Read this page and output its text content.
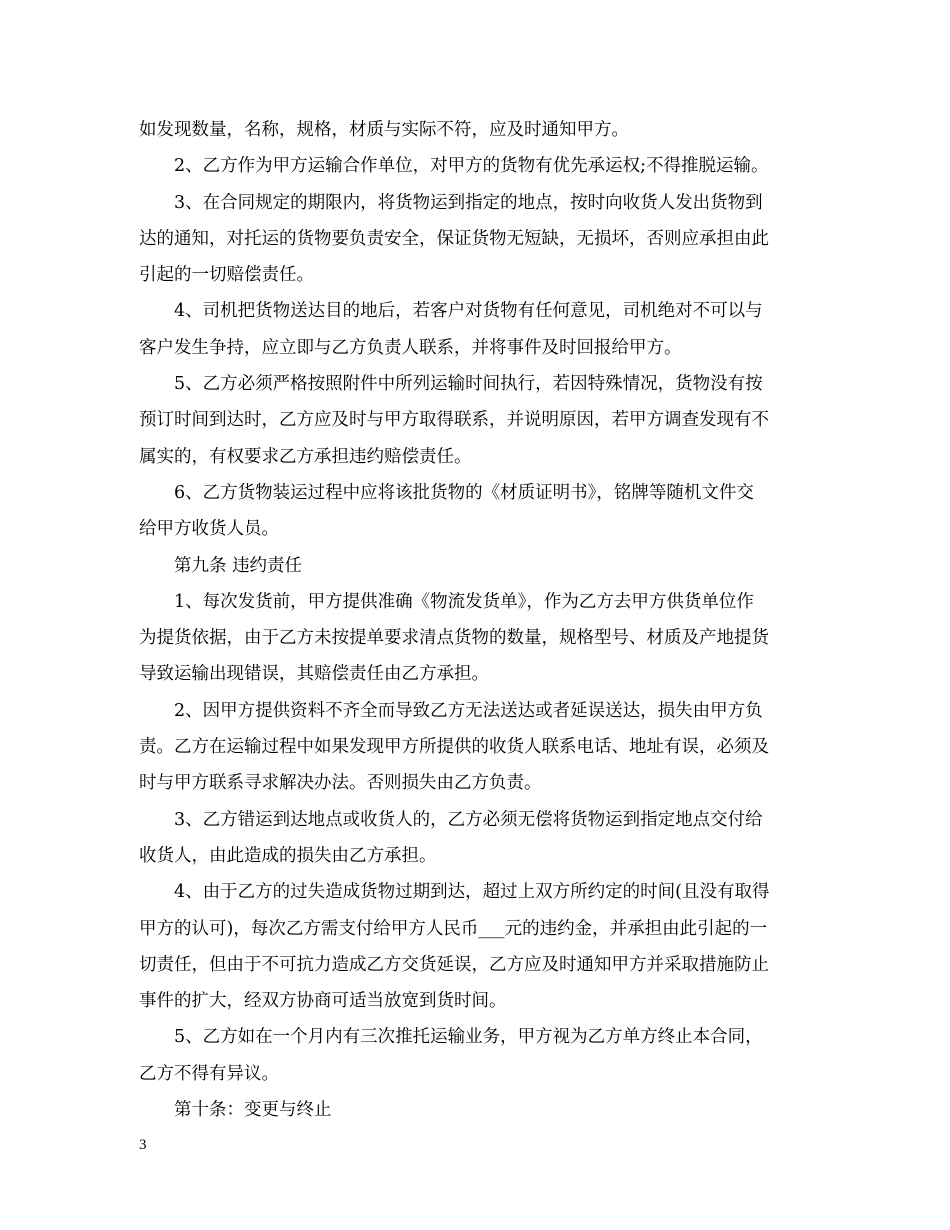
如发现数量，名称，规格，材质与实际不符，应及时通知甲方。
2、乙方作为甲方运输合作单位，对甲方的货物有优先承运权;不得推脱运输。
3、在合同规定的期限内，将货物运到指定的地点，按时向收货人发出货物到
达的通知，对托运的货物要负责安全，保证货物无短缺，无损坏，否则应承担由此
引起的一切赔偿责任。
4、司机把货物送达目的地后，若客户对货物有任何意见，司机绝对不可以与
客户发生争持，应立即与乙方负责人联系，并将事件及时回报给甲方。
5、乙方必须严格按照附件中所列运输时间执行，若因特殊情况，货物没有按
预订时间到达时，乙方应及时与甲方取得联系，并说明原因，若甲方调查发现有不
属实的，有权要求乙方承担违约赔偿责任。
6、乙方货物装运过程中应将该批货物的《材质证明书》，铭牌等随机文件交
给甲方收货人员。
第九条 违约责任
1、每次发货前，甲方提供准确《物流发货单》，作为乙方去甲方供货单位作
为提货依据，由于乙方未按提单要求清点货物的数量，规格型号、材质及产地提货
导致运输出现错误，其赔偿责任由乙方承担。
2、因甲方提供资料不齐全而导致乙方无法送达或者延误送达，损失由甲方负
责。乙方在运输过程中如果发现甲方所提供的收货人联系电话、地址有误，必须及
时与甲方联系寻求解决办法。否则损失由乙方负责。
3、乙方错运到达地点或收货人的，乙方必须无偿将货物运到指定地点交付给
收货人，由此造成的损失由乙方承担。
4、由于乙方的过失造成货物过期到达，超过上双方所约定的时间(且没有取得
甲方的认可)，每次乙方需支付给甲方人民币___元的违约金，并承担由此引起的一
切责任，但由于不可抗力造成乙方交货延误，乙方应及时通知甲方并采取措施防止
事件的扩大，经双方协商可适当放宽到货时间。
5、乙方如在一个月内有三次推托运输业务，甲方视为乙方单方终止本合同，
乙方不得有异议。
第十条：变更与终止
3
